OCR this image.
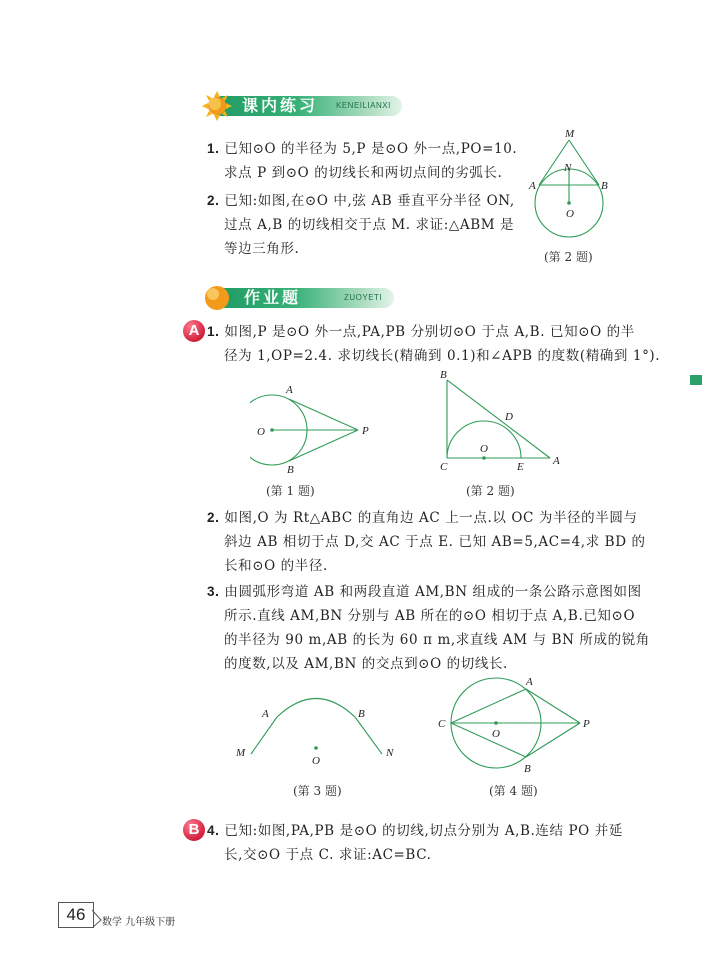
课内练习 KENEILIANXI
1. 已知⊙O 的半径为 5,P 是⊙O 外一点,PO=10.
求点 P 到⊙O 的切线长和两切点间的劣弧长.
2. 已知:如图,在⊙O 中,弦 AB 垂直平分半径 ON,
过点 A,B 的切线相交于点 M. 求证:△ABM 是
等边三角形.
M
N
A	B
O
(第 2 题)
作业题	ZUOYETI
A 1. 如图,P 是⊙O 外一点,PA,PB 分别切⊙O 于点 A,B. 已知⊙O 的半
径为 1,OP=2.4. 求切线长(精确到 0.1)和∠APB 的度数(精确到 1°).
A
B
O	P
(第 1 题)
B
D
O
C	E	A
(第 2 题)
2. 如图,O 为 Rt△ABC 的直角边 AC 上一点.以 OC 为半径的半圆与
斜边 AB 相切于点 D,交 AC 于点 E. 已知 AB=5,AC=4,求 BD 的
长和⊙O 的半径.
3. 由圆弧形弯道 AB 和两段直道 AM,BN 组成的一条公路示意图如图
所示.直线 AM,BN 分别与 AB 所在的⊙O 相切于点 A,B.已知⊙O
的半径为 90 m,AB 的长为 60 π m,求直线 AM 与 BN 所成的锐角
的度数,以及 AM,BN 的交点到⊙O 的切线长.
A	B
M	N
O
(第 3 题)
A
B
C
O
P
(第 4 题)
B 4. 已知:如图,PA,PB 是⊙O 的切线,切点分别为 A,B.连结 PO 并延
长,交⊙O 于点 C. 求证:AC=BC.
46	数学 九年级下册
